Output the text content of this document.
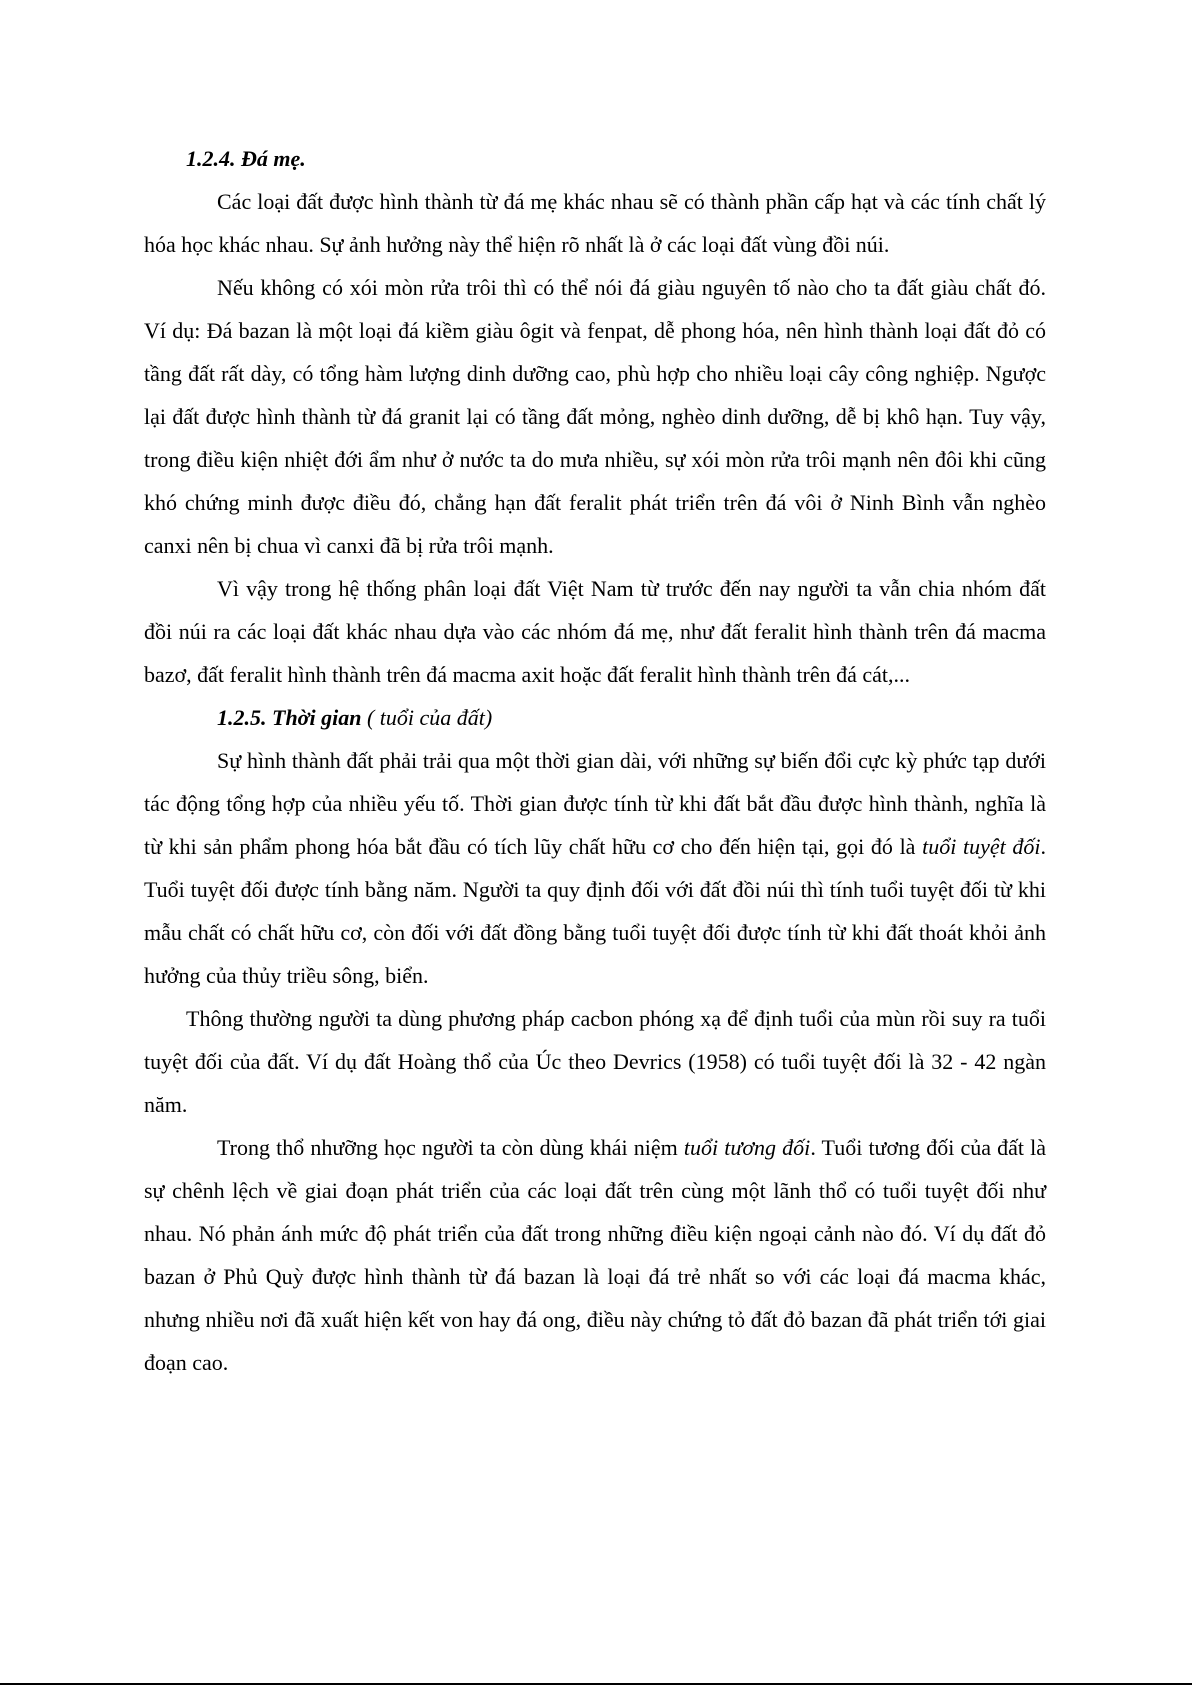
1.2.4. Đá mẹ.

Các loại đất được hình thành từ đá mẹ khác nhau sẽ có thành phần cấp hạt và các tính chất lý hóa học khác nhau. Sự ảnh hưởng này thể hiện rõ nhất là ở các loại đất vùng đồi núi.

Nếu không có xói mòn rửa trôi thì có thể nói đá giàu nguyên tố nào cho ta đất giàu chất đó. Ví dụ: Đá bazan là một loại đá kiềm giàu ôgit và fenpat, dễ phong hóa, nên hình thành loại đất đỏ có tầng đất rất dày, có tổng hàm lượng dinh dưỡng cao, phù hợp cho nhiều loại cây công nghiệp. Ngược lại đất được hình thành từ đá granit lại có tầng đất mỏng, nghèo dinh dưỡng, dễ bị khô hạn. Tuy vậy, trong điều kiện nhiệt đới ẩm như ở nước ta do mưa nhiều, sự xói mòn rửa trôi mạnh nên đôi khi cũng khó chứng minh được điều đó, chẳng hạn đất feralit phát triển trên đá vôi ở Ninh Bình vẫn nghèo canxi nên bị chua vì canxi đã bị rửa trôi mạnh.

Vì vậy trong hệ thống phân loại đất Việt Nam từ trước đến nay người ta vẫn chia nhóm đất đồi núi ra các loại đất khác nhau dựa vào các nhóm đá mẹ, như đất feralit hình thành trên đá macma bazơ, đất feralit hình thành trên đá macma axit hoặc đất feralit hình thành trên đá cát,...

1.2.5. Thời gian ( tuổi của đất)

Sự hình thành đất phải trải qua một thời gian dài, với những sự biến đổi cực kỳ phức tạp dưới tác động tổng hợp của nhiều yếu tố. Thời gian được tính từ khi đất bắt đầu được hình thành, nghĩa là từ khi sản phẩm phong hóa bắt đầu có tích lũy chất hữu cơ cho đến hiện tại, gọi đó là tuổi tuyệt đối. Tuổi tuyệt đối được tính bằng năm. Người ta quy định đối với đất đồi núi thì tính tuổi tuyệt đối từ khi mẫu chất có chất hữu cơ, còn đối với đất đồng bằng tuổi tuyệt đối được tính từ khi đất thoát khỏi ảnh hưởng của thủy triều sông, biển.

Thông thường người ta dùng phương pháp cacbon phóng xạ để định tuổi của mùn rồi suy ra tuổi tuyệt đối của đất. Ví dụ đất Hoàng thổ của Úc theo Devrics (1958) có tuổi tuyệt đối là 32 - 42 ngàn năm.

Trong thổ nhưỡng học người ta còn dùng khái niệm tuổi tương đối. Tuổi tương đối của đất là sự chênh lệch về giai đoạn phát triển của các loại đất trên cùng một lãnh thổ có tuổi tuyệt đối như nhau. Nó phản ánh mức độ phát triển của đất trong những điều kiện ngoại cảnh nào đó. Ví dụ đất đỏ bazan ở Phủ Quỳ được hình thành từ đá bazan là loại đá trẻ nhất so với các loại đá macma khác, nhưng nhiều nơi đã xuất hiện kết von hay đá ong, điều này chứng tỏ đất đỏ bazan đã phát triển tới giai đoạn cao.
